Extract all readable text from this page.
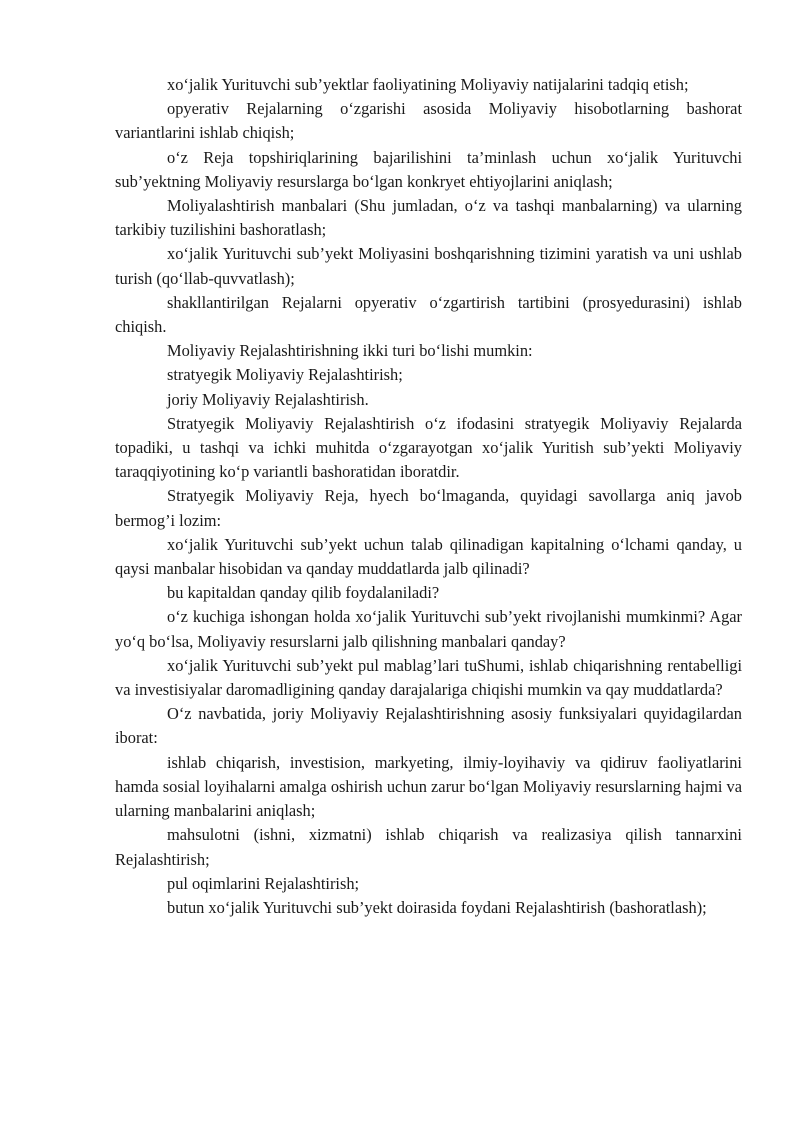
xo‘jalik Yurituvchi sub’yektlar faoliyatining Moliyaviy natijalarini tadqiq etish;

opyerativ Rejalarning o‘zgarishi asosida Moliyaviy hisobotlarning bashorat variantlarini ishlab chiqish;

o‘z Reja topshiriqlarining bajarilishini ta’minlash uchun xo‘jalik Yurituvchi sub’yektning Moliyaviy resurslarga bo‘lgan konkryet ehtiyojlarini aniqlash;

Moliyalashtirish manbalari (Shu jumladan, o‘z va tashqi manbalarning) va ularning tarkibiy tuzilishini bashoratlash;

xo‘jalik Yurituvchi sub’yekt Moliyasini boshqarishning tizimini yaratish va uni ushlab turish (qo‘llab-quvvatlash);

shakllantirilgan Rejalarni opyerativ o‘zgartirish tartibini (prosyedurasini) ishlab chiqish.

Moliyaviy Rejalashtirishning ikki turi bo‘lishi mumkin:

stratyegik Moliyaviy Rejalashtirish;

joriy Moliyaviy Rejalashtirish.

Stratyegik Moliyaviy Rejalashtirish o‘z ifodasini stratyegik Moliyaviy Rejalarda topadiki, u tashqi va ichki muhitda o‘zgarayotgan xo‘jalik Yuritish sub’yekti Moliyaviy taraqqiyotining ko‘p variantli bashoratidan iboratdir.

Stratyegik Moliyaviy Reja, hyech bo‘lmaganda, quyidagi savollarga aniq javob bermog’i lozim:

xo‘jalik Yurituvchi sub’yekt uchun talab qilinadigan kapitalning o‘lchami qanday, u qaysi manbalar hisobidan va qanday muddatlarda jalb qilinadi?

bu kapitaldan qanday qilib foydalaniladi?

o‘z kuchiga ishongan holda xo‘jalik Yurituvchi sub’yekt rivojlanishi mumkinmi? Agar yo‘q bo‘lsa, Moliyaviy resurslarni jalb qilishning manbalari qanday?

xo‘jalik Yurituvchi sub’yekt pul mablag’lari tuShumi, ishlab chiqarishning rentabelligi va investisiyalar daromadligining qanday darajalariga chiqishi mumkin va qay muddatlarda?

O‘z navbatida, joriy Moliyaviy Rejalashtirishning asosiy funksiyalari quyidagilardan iborat:

ishlab chiqarish, investision, markyeting, ilmiy-loyihaviy va qidiruv faoliyatlarini hamda sosial loyihalarni amalga oshirish uchun zarur bo‘lgan Moliyaviy resurslarning hajmi va ularning manbalarini aniqlash;

mahsulotni (ishni, xizmatni) ishlab chiqarish va realizasiya qilish tannarxini Rejalashtirish;

pul oqimlarini Rejalashtirish;

butun xo‘jalik Yurituvchi sub’yekt doirasida foydani Rejalashtirish (bashoratlash);
